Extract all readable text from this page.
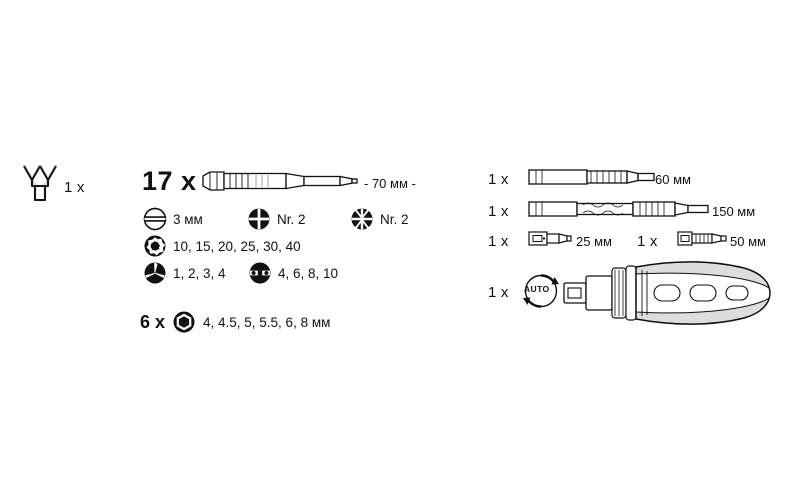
1 x 17 x	- 70 мм -
3 мм	Nr. 2	Nr. 2
10, 15, 20, 25, 30, 40
1, 2, 3, 4	4, 6, 8, 10
6 x	4, 4.5, 5, 5.5, 6, 8 мм
1 x	60 мм
1 x	150 мм
1 x	25 мм 1 x	50 мм
1 x AUTO
